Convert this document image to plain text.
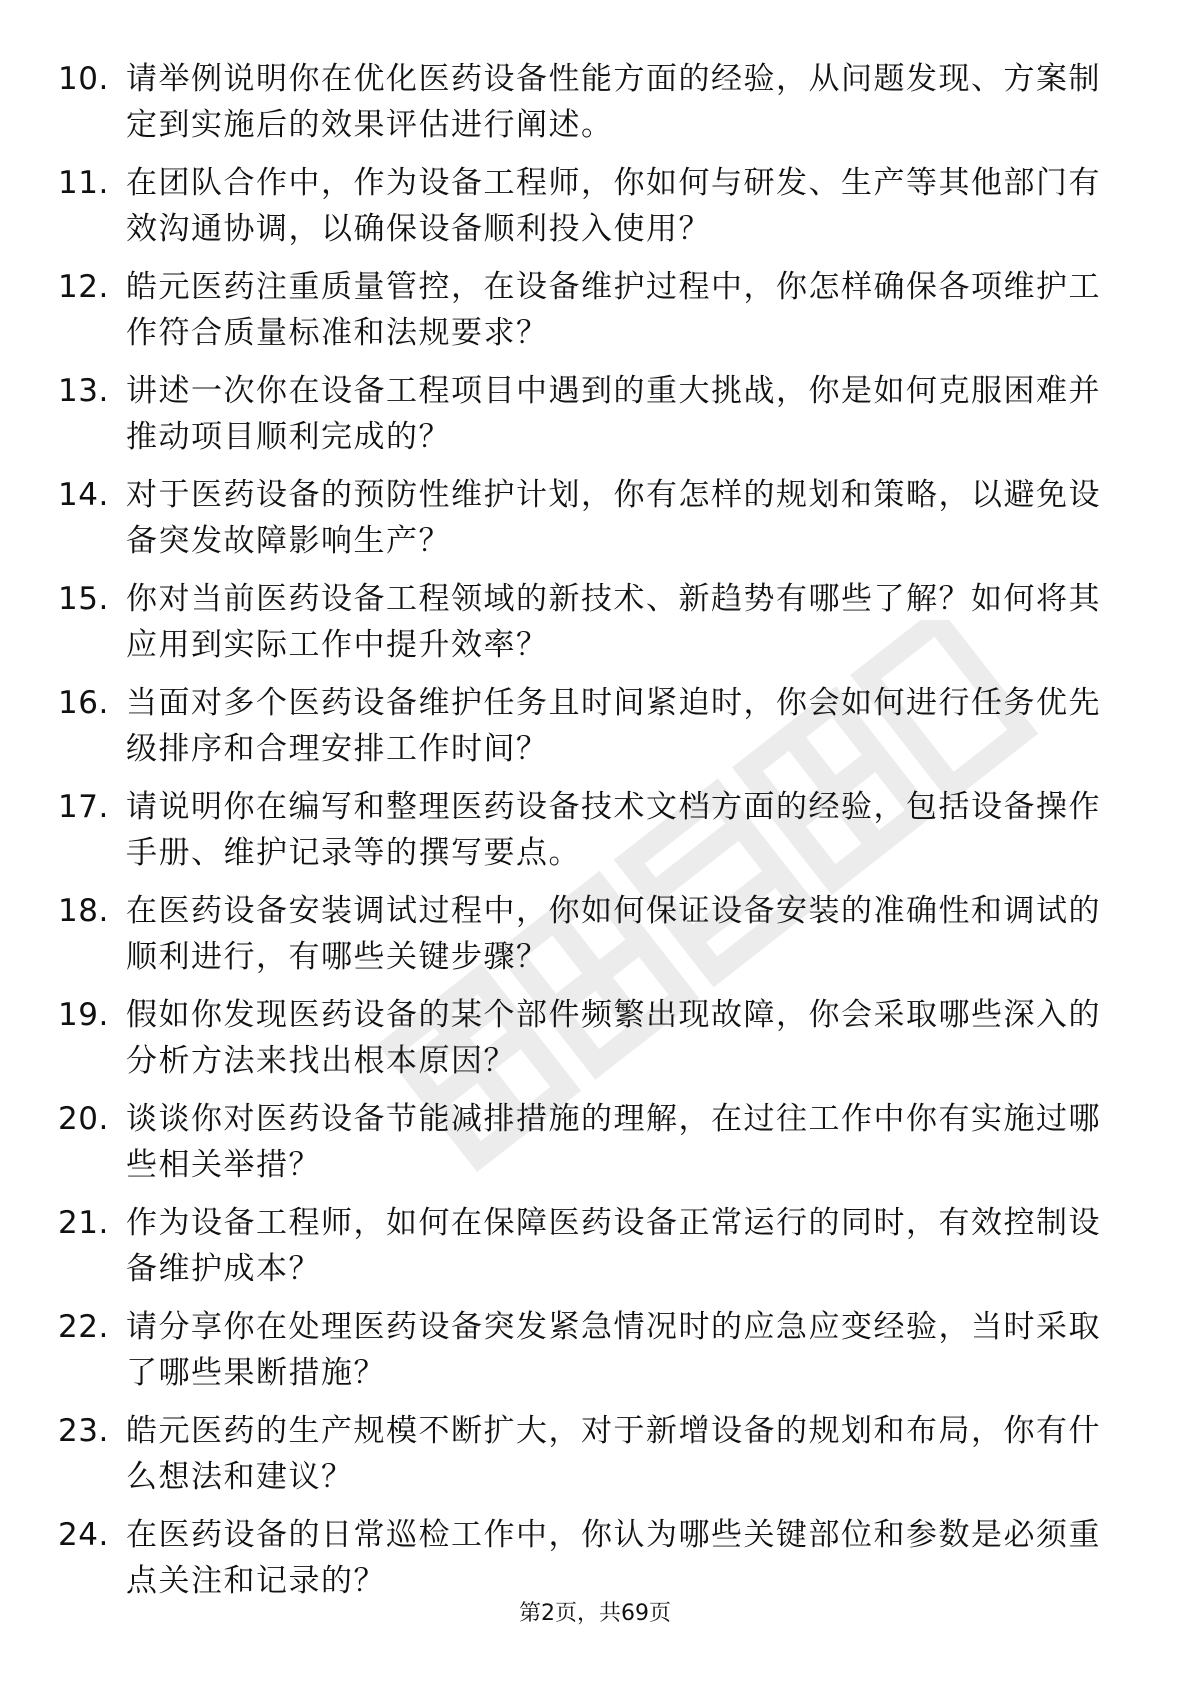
10. 请举例说明你在优化医药设备性能方面的经验，从问题发现、方案制定到实施后的效果评估进行阐述。
11. 在团队合作中，作为设备工程师，你如何与研发、生产等其他部门有效沟通协调，以确保设备顺利投入使用？
12. 皓元医药注重质量管控，在设备维护过程中，你怎样确保各项维护工作符合质量标准和法规要求？
13. 讲述一次你在设备工程项目中遇到的重大挑战，你是如何克服困难并推动项目顺利完成的？
14. 对于医药设备的预防性维护计划，你有怎样的规划和策略，以避免设备突发故障影响生产？
15. 你对当前医药设备工程领域的新技术、新趋势有哪些了解？如何将其应用到实际工作中提升效率？
16. 当面对多个医药设备维护任务且时间紧迫时，你会如何进行任务优先级排序和合理安排工作时间？
17. 请说明你在编写和整理医药设备技术文档方面的经验，包括设备操作手册、维护记录等的撰写要点。
18. 在医药设备安装调试过程中，你如何保证设备安装的准确性和调试的顺利进行，有哪些关键步骤？
19. 假如你发现医药设备的某个部件频繁出现故障，你会采取哪些深入的分析方法来找出根本原因？
20. 谈谈你对医药设备节能减排措施的理解，在过往工作中你有实施过哪些相关举措？
21. 作为设备工程师，如何在保障医药设备正常运行的同时，有效控制设备维护成本？
22. 请分享你在处理医药设备突发紧急情况时的应急应变经验，当时采取了哪些果断措施？
23. 皓元医药的生产规模不断扩大，对于新增设备的规划和布局，你有什么想法和建议？
24. 在医药设备的日常巡检工作中，你认为哪些关键部位和参数是必须重点关注和记录的？
第2页，共69页
